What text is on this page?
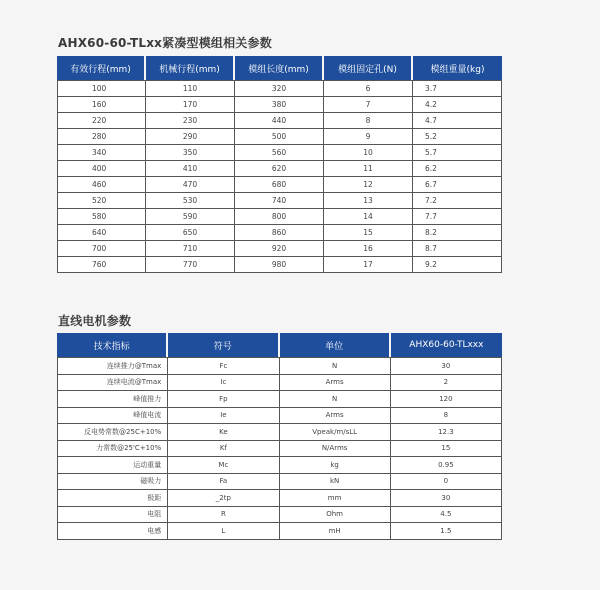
AHX60-60-TLxx紧凑型模组相关参数
有效行程(mm)	机械行程(mm)	模组长度(mm)	模组固定孔(N)	模组重量(kg)
100	110	320	6	3.7
160	170	380	7	4.2
220	230	440	8	4.7
280	290	500	9	5.2
340	350	560	10	5.7
400	410	620	11	6.2
460	470	680	12	6.7
520	530	740	13	7.2
580	590	800	14	7.7
640	650	860	15	8.2
700	710	920	16	8.7
760	770	980	17	9.2
直线电机参数
技术指标	符号	单位	AHX60-60-TLxxx
连续推力@Tmax	Fc	N	30
连续电流@Tmax	Ic	Arms	2
峰值推力	Fp	N	120
峰值电流	Ie	Arms	8
反电势常数@25C+10%	Ke	Vpeak/m/sLL	12.3
力常数@25'C+10%	Kf	N/Arms	15
运动重量	Mc	kg	0.95
磁吸力	Fa	kN	0
极距	_2tp	mm	30
电阻	R	Ohm	4.5
电感	L	mH	1.5
